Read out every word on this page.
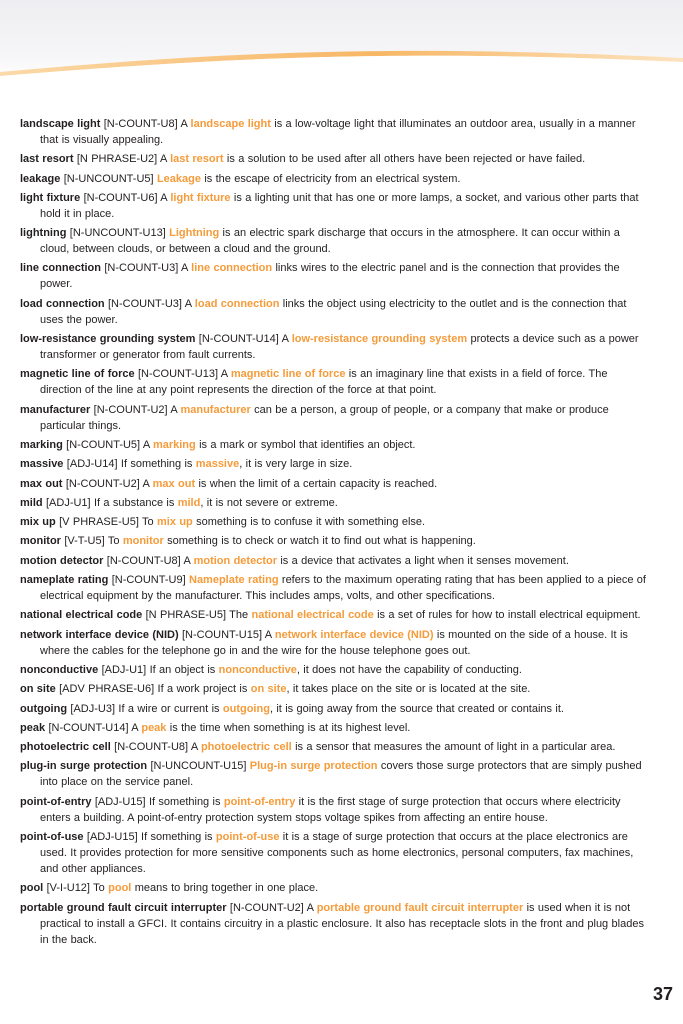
landscape light [N-COUNT-U8] A landscape light is a low-voltage light that illuminates an outdoor area, usually in a manner that is visually appealing.

last resort [N PHRASE-U2] A last resort is a solution to be used after all others have been rejected or have failed.

leakage [N-UNCOUNT-U5] Leakage is the escape of electricity from an electrical system.

light fixture [N-COUNT-U6] A light fixture is a lighting unit that has one or more lamps, a socket, and various other parts that hold it in place.

lightning [N-UNCOUNT-U13] Lightning is an electric spark discharge that occurs in the atmosphere. It can occur within a cloud, between clouds, or between a cloud and the ground.

line connection [N-COUNT-U3] A line connection links wires to the electric panel and is the connection that provides the power.

load connection [N-COUNT-U3] A load connection links the object using electricity to the outlet and is the connection that uses the power.

low-resistance grounding system [N-COUNT-U14] A low-resistance grounding system protects a device such as a power transformer or generator from fault currents.

magnetic line of force [N-COUNT-U13] A magnetic line of force is an imaginary line that exists in a field of force. The direction of the line at any point represents the direction of the force at that point.

manufacturer [N-COUNT-U2] A manufacturer can be a person, a group of people, or a company that make or produce particular things.

marking [N-COUNT-U5] A marking is a mark or symbol that identifies an object.

massive [ADJ-U14] If something is massive, it is very large in size.

max out [N-COUNT-U2] A max out is when the limit of a certain capacity is reached.

mild [ADJ-U1] If a substance is mild, it is not severe or extreme.

mix up [V PHRASE-U5] To mix up something is to confuse it with something else.

monitor [V-T-U5] To monitor something is to check or watch it to find out what is happening.

motion detector [N-COUNT-U8] A motion detector is a device that activates a light when it senses movement.

nameplate rating [N-COUNT-U9] Nameplate rating refers to the maximum operating rating that has been applied to a piece of electrical equipment by the manufacturer. This includes amps, volts, and other specifications.

national electrical code [N PHRASE-U5] The national electrical code is a set of rules for how to install electrical equipment.

network interface device (NID) [N-COUNT-U15] A network interface device (NID) is mounted on the side of a house. It is where the cables for the telephone go in and the wire for the house telephone goes out.

nonconductive [ADJ-U1] If an object is nonconductive, it does not have the capability of conducting.

on site [ADV PHRASE-U6] If a work project is on site, it takes place on the site or is located at the site.

outgoing [ADJ-U3] If a wire or current is outgoing, it is going away from the source that created or contains it.

peak [N-COUNT-U14] A peak is the time when something is at its highest level.

photoelectric cell [N-COUNT-U8] A photoelectric cell is a sensor that measures the amount of light in a particular area.

plug-in surge protection [N-UNCOUNT-U15] Plug-in surge protection covers those surge protectors that are simply pushed into place on the service panel.

point-of-entry [ADJ-U15] If something is point-of-entry it is the first stage of surge protection that occurs where electricity enters a building. A point-of-entry protection system stops voltage spikes from affecting an entire house.

point-of-use [ADJ-U15] If something is point-of-use it is a stage of surge protection that occurs at the place electronics are used. It provides protection for more sensitive components such as home electronics, personal computers, fax machines, and other appliances.

pool [V-I-U12] To pool means to bring together in one place.

portable ground fault circuit interrupter [N-COUNT-U2] A portable ground fault circuit interrupter is used when it is not practical to install a GFCI. It contains circuitry in a plastic enclosure. It also has receptacle slots in the front and plug blades in the back.

37
